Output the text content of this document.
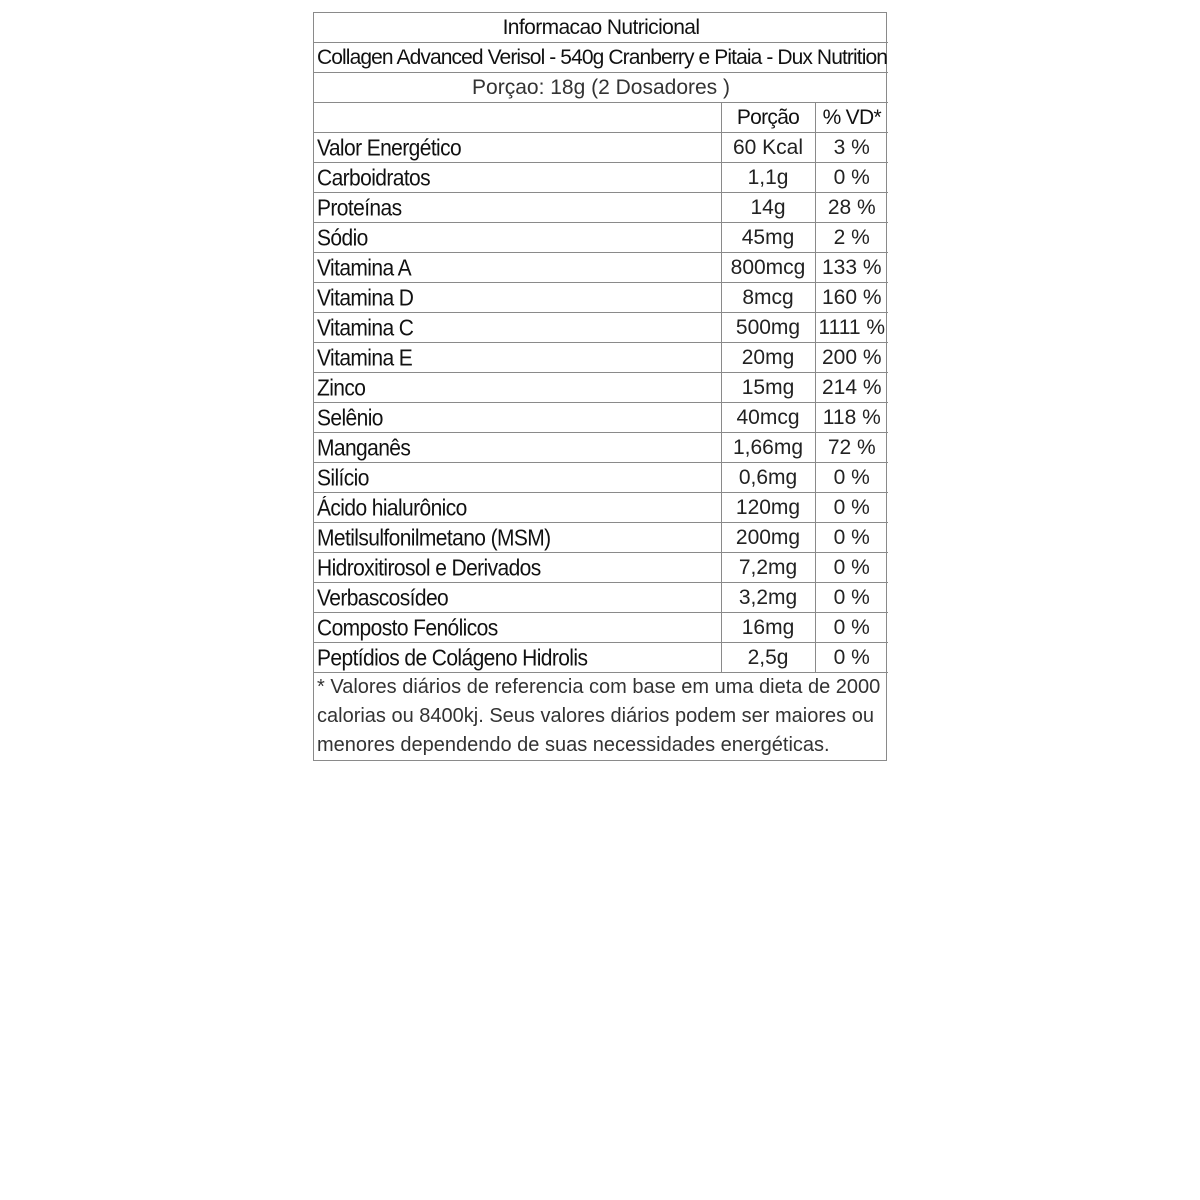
Informacao Nutricional		
Collagen Advanced Verisol - 540g Cranberry e Pitaia - Dux Nutrition		
Porçao: 18g (2 Dosadores )		
	Porção	% VD*
Valor Energético	60 Kcal	3 %
Carboidratos	1,1g	0 %
Proteínas	14g	28 %
Sódio	45mg	2 %
Vitamina A	800mcg	133 %
Vitamina D	8mcg	160 %
Vitamina C	500mg	1111 %
Vitamina E	20mg	200 %
Zinco	15mg	214 %
Selênio	40mcg	118 %
Manganês	1,66mg	72 %
Silício	0,6mg	0 %
Ácido hialurônico	120mg	0 %
Metilsulfonilmetano (MSM)	200mg	0 %
Hidroxitirosol e Derivados	7,2mg	0 %
Verbascosídeo	3,2mg	0 %
Composto Fenólicos	16mg	0 %
Peptídios de Colágeno Hidrolis	2,5g	0 %
* Valores diários de referencia com base em uma dieta de 2000 calorias ou 8400kj. Seus valores diários podem ser maiores ou menores dependendo de suas necessidades energéticas.		
